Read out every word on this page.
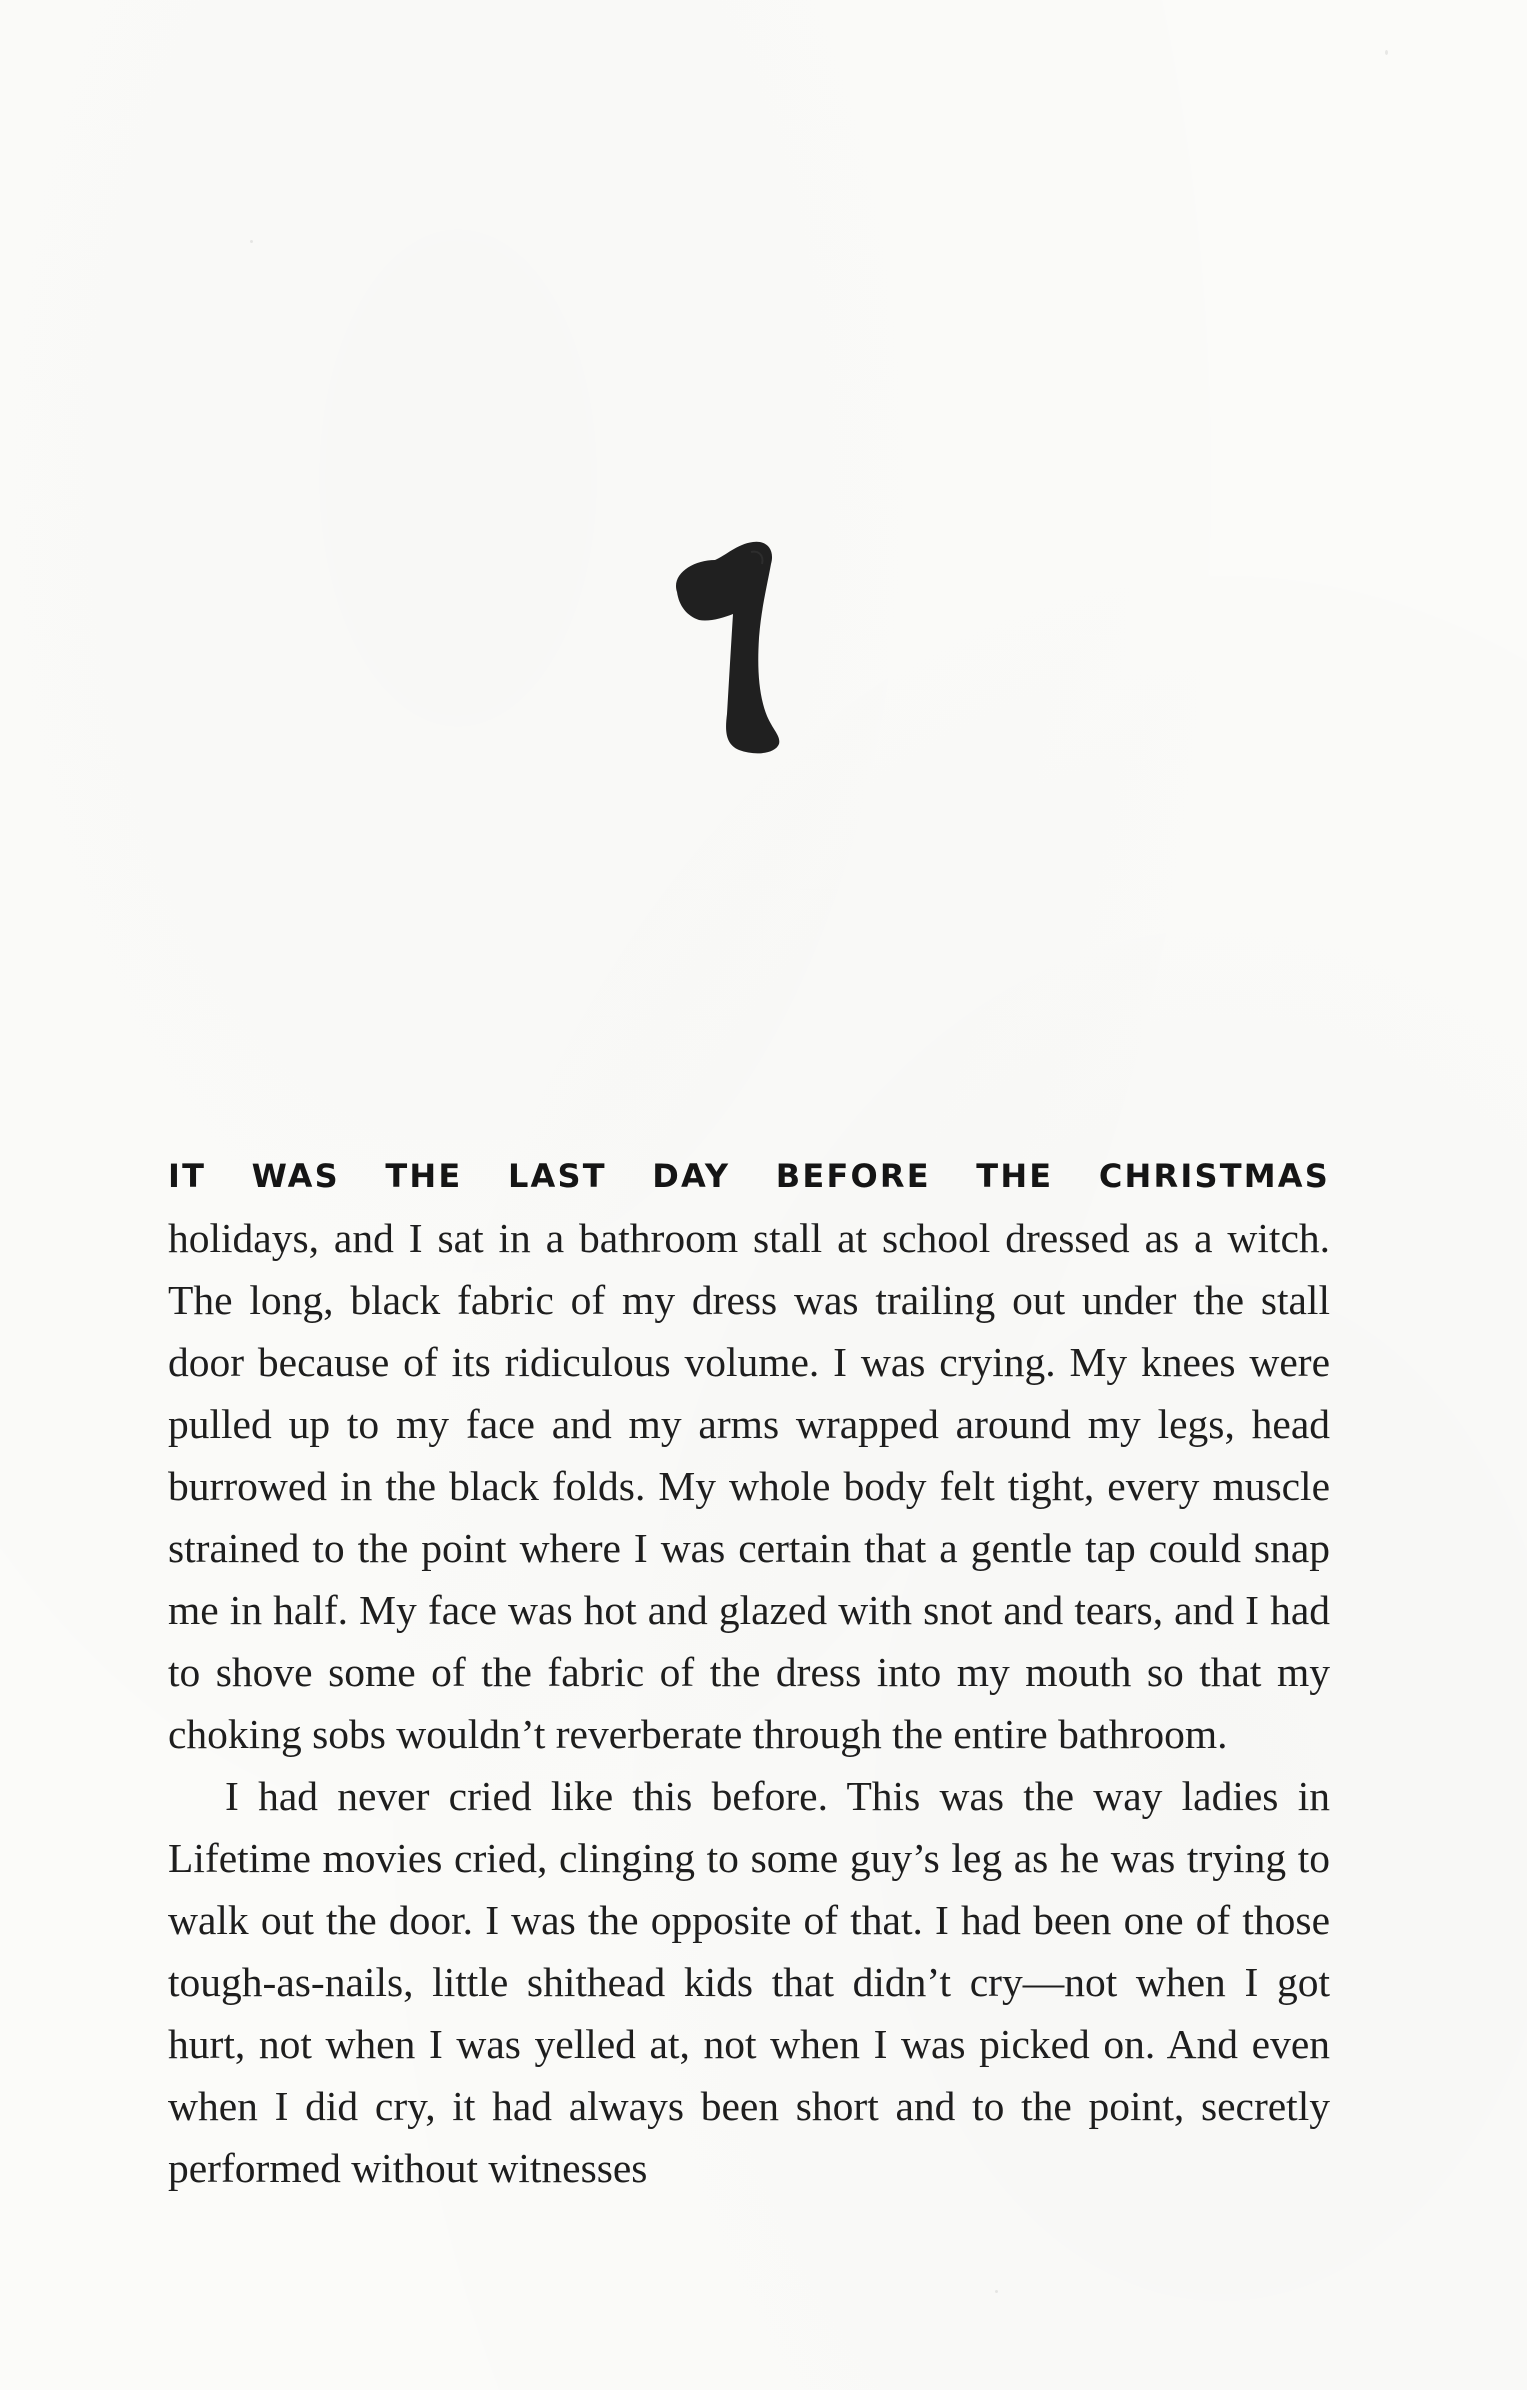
IT WAS THE LAST DAY BEFORE THE CHRISTMAS
holidays, and I sat in a bathroom stall at school dressed as a witch. The long, black fabric of my dress was trailing out under the stall door because of its ridiculous volume. I was crying. My knees were pulled up to my face and my arms wrapped around my legs, head burrowed in the black folds. My whole body felt tight, every muscle strained to the point where I was certain that a gentle tap could snap me in half. My face was hot and glazed with snot and tears, and I had to shove some of the fabric of the dress into my mouth so that my choking sobs wouldn’t reverberate through the entire bathroom.

I had never cried like this before. This was the way ladies in Lifetime movies cried, clinging to some guy’s leg as he was trying to walk out the door. I was the opposite of that. I had been one of those tough-as-nails, little shithead kids that didn’t cry—not when I got hurt, not when I was yelled at, not when I was picked on. And even when I did cry, it had always been short and to the point, secretly performed without witnesses
